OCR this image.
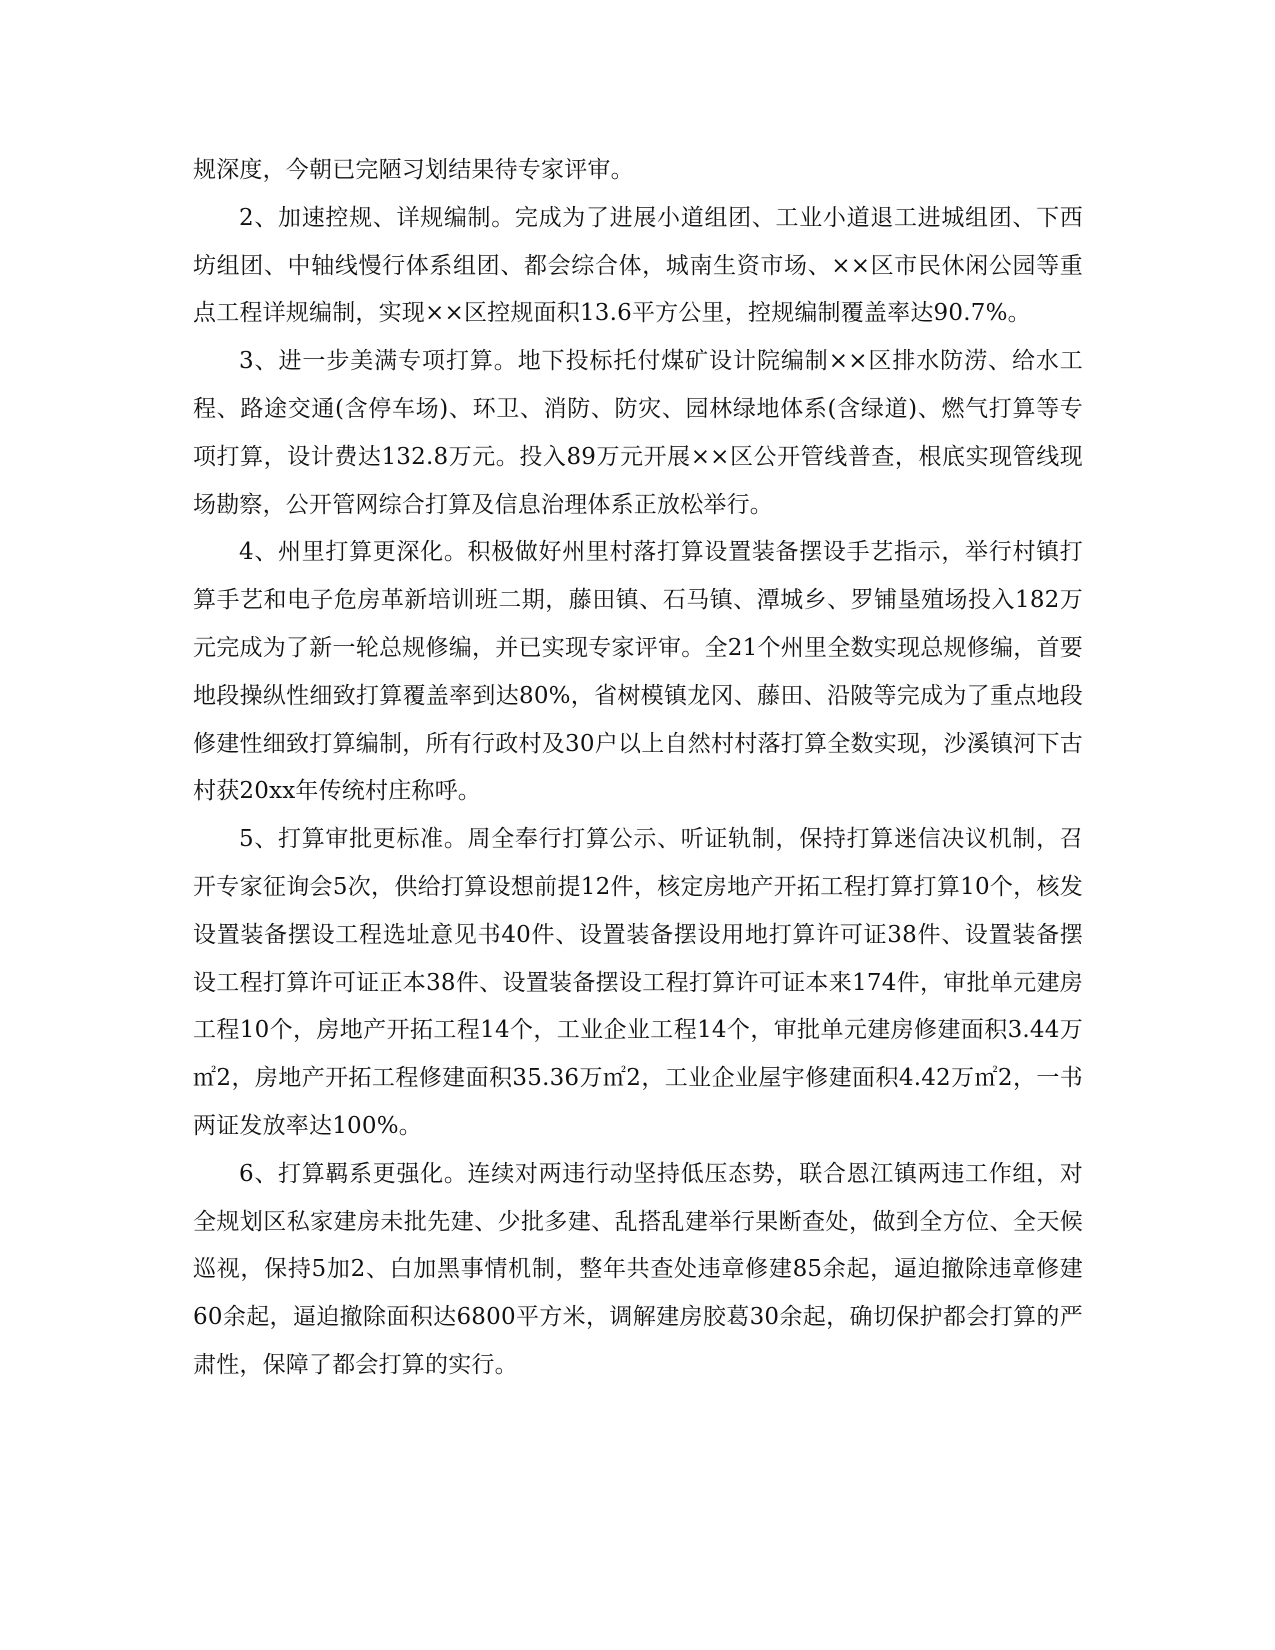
规深度，今朝已完陋习划结果待专家评审。

2、加速控规、详规编制。完成为了进展小道组团、工业小道退工进城组团、下西坊组团、中轴线慢行体系组团、都会综合体，城南生资市场、××区市民休闲公园等重点工程详规编制，实现××区控规面积13.6平方公里，控规编制覆盖率达90.7%。

3、进一步美满专项打算。地下投标托付煤矿设计院编制××区排水防涝、给水工程、路途交通(含停车场)、环卫、消防、防灾、园林绿地体系(含绿道)、燃气打算等专项打算，设计费达132.8万元。投入89万元开展××区公开管线普查，根底实现管线现场勘察，公开管网综合打算及信息治理体系正放松举行。

4、州里打算更深化。积极做好州里村落打算设置装备摆设手艺指示，举行村镇打算手艺和电子危房革新培训班二期，藤田镇、石马镇、潭城乡、罗铺垦殖场投入182万元完成为了新一轮总规修编，并已实现专家评审。全21个州里全数实现总规修编，首要地段操纵性细致打算覆盖率到达80%，省树模镇龙冈、藤田、沿陂等完成为了重点地段修建性细致打算编制，所有行政村及30户以上自然村村落打算全数实现，沙溪镇河下古村获20xx年传统村庄称呼。

5、打算审批更标准。周全奉行打算公示、听证轨制，保持打算迷信决议机制，召开专家征询会5次，供给打算设想前提12件，核定房地产开拓工程打算打算10个，核发设置装备摆设工程选址意见书40件、设置装备摆设用地打算许可证38件、设置装备摆设工程打算许可证正本38件、设置装备摆设工程打算许可证本来174件，审批单元建房工程10个，房地产开拓工程14个，工业企业工程14个，审批单元建房修建面积3.44万㎡2，房地产开拓工程修建面积35.36万㎡2，工业企业屋宇修建面积4.42万㎡2，一书两证发放率达100%。

6、打算羁系更强化。连续对两违行动坚持低压态势，联合恩江镇两违工作组，对全规划区私家建房未批先建、少批多建、乱搭乱建举行果断查处，做到全方位、全天候巡视，保持5加2、白加黑事情机制，整年共查处违章修建85余起，逼迫撤除违章修建60余起，逼迫撤除面积达6800平方米，调解建房胶葛30余起，确切保护都会打算的严肃性，保障了都会打算的实行。
